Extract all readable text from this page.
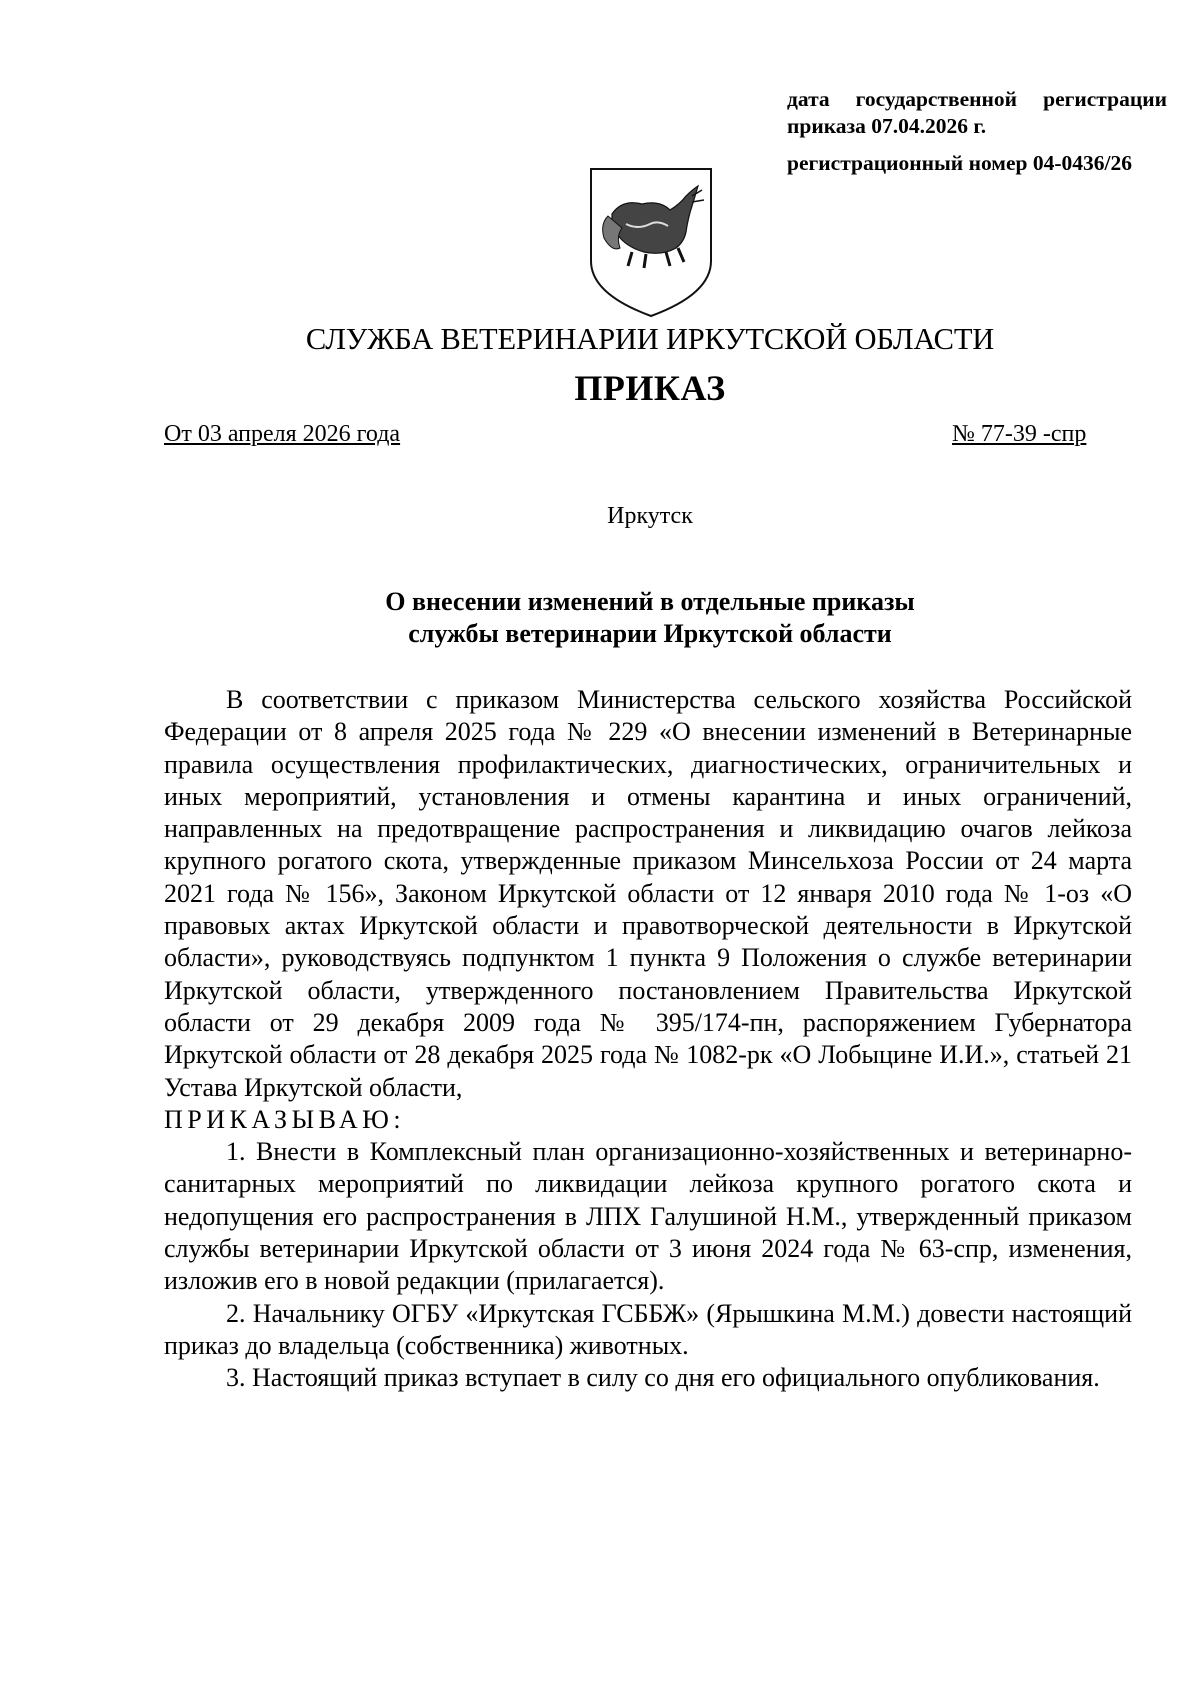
дата государственной регистрации
приказа 07.04.2026 г.
регистрационный номер 04-0436/26
СЛУЖБА ВЕТЕРИНАРИИ ИРКУТСКОЙ ОБЛАСТИ
ПРИКАЗ
От 03 апреля 2026 года	№ 77-39 -спр
Иркутск
О внесении изменений в отдельные приказы
службы ветеринарии Иркутской области

В соответствии с приказом Министерства сельского хозяйства Российской Федерации от 8 апреля 2025 года № 229 «О внесении изменений в Ветеринарные правила осуществления профилактических, диагностических, ограничительных и иных мероприятий, установления и отмены карантина и иных ограничений, направленных на предотвращение распространения и ликвидацию очагов лейкоза крупного рогатого скота, утвержденные приказом Минсельхоза России от 24 марта 2021 года № 156», Законом Иркутской области от 12 января 2010 года № 1-оз «О правовых актах Иркутской области и правотворческой деятельности в Иркутской области», руководствуясь подпунктом 1 пункта 9 Положения о службе ветеринарии Иркутской области, утвержденного постановлением Правительства Иркутской области от 29 декабря 2009 года № 395/174-пн, распоряжением Губернатора Иркутской области от 28 декабря 2025 года № 1082-рк «О Лобыцине И.И.», статьей 21 Устава Иркутской области,

ПРИКАЗЫВАЮ:

1. Внести в Комплексный план организационно-хозяйственных и ветеринарно-санитарных мероприятий по ликвидации лейкоза крупного рогатого скота и недопущения его распространения в ЛПХ Галушиной Н.М., утвержденный приказом службы ветеринарии Иркутской области от 3 июня 2024 года № 63-спр, изменения, изложив его в новой редакции (прилагается).

2. Начальнику ОГБУ «Иркутская ГСББЖ» (Ярышкина М.М.) довести настоящий приказ до владельца (собственника) животных.

3. Настоящий приказ вступает в силу со дня его официального опубликования.
